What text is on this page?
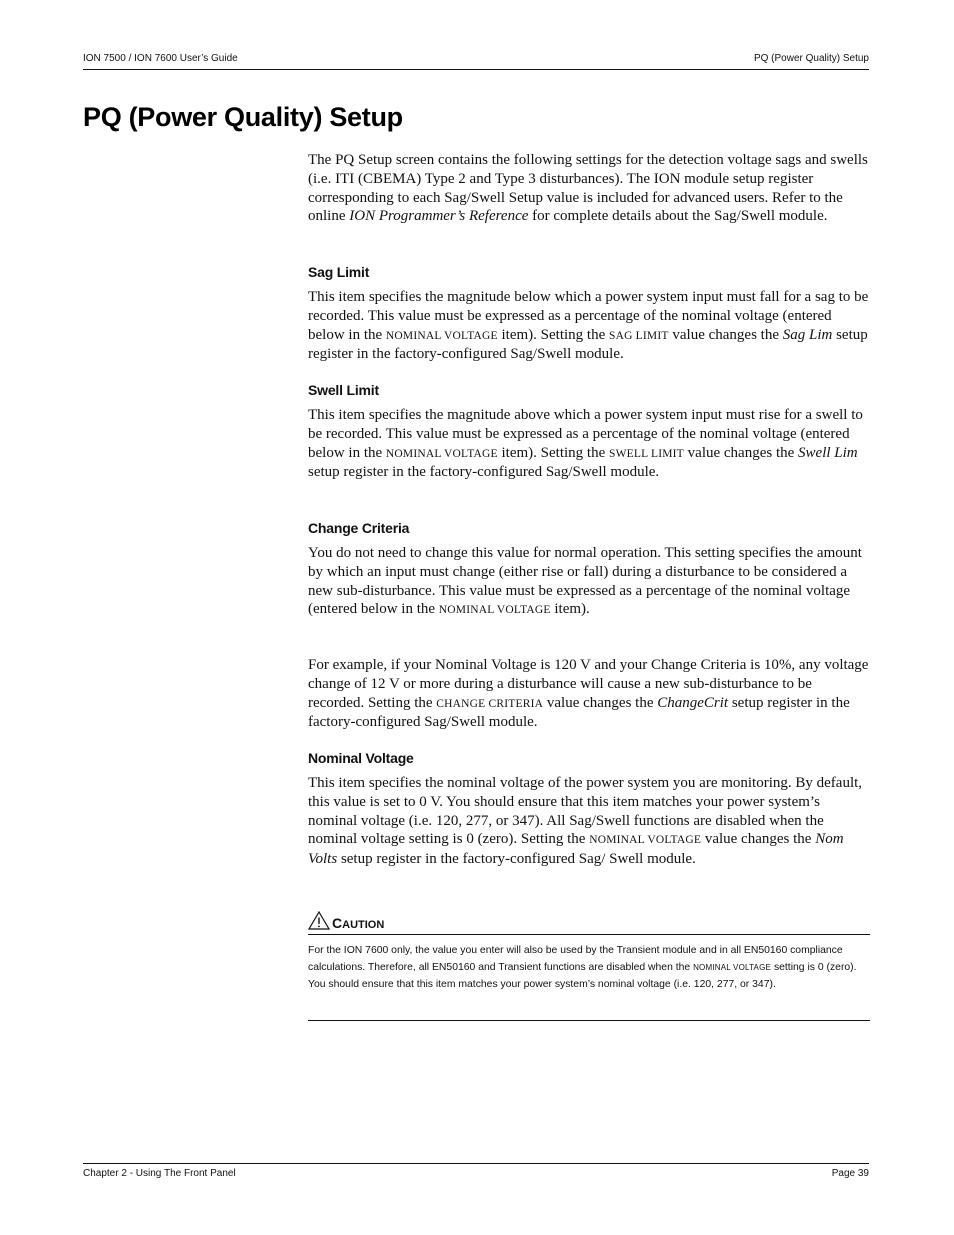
ION 7500 / ION 7600 User’s Guide	PQ (Power Quality) Setup
PQ (Power Quality) Setup

The PQ Setup screen contains the following settings for the detection voltage sags and swells (i.e. ITI (CBEMA) Type 2 and Type 3 disturbances). The ION module setup register corresponding to each Sag/Swell Setup value is included for advanced users. Refer to the online ION Programmer’s Reference for complete details about the Sag/Swell module.

Sag Limit

This item specifies the magnitude below which a power system input must fall for a sag to be recorded. This value must be expressed as a percentage of the nominal voltage (entered below in the NOMINAL VOLTAGE item). Setting the SAG LIMIT value changes the Sag Lim setup register in the factory-configured Sag/Swell module.

Swell Limit

This item specifies the magnitude above which a power system input must rise for a swell to be recorded. This value must be expressed as a percentage of the nominal voltage (entered below in the NOMINAL VOLTAGE item). Setting the SWELL LIMIT value changes the Swell Lim setup register in the factory-configured Sag/Swell module.

Change Criteria

You do not need to change this value for normal operation. This setting specifies the amount by which an input must change (either rise or fall) during a disturbance to be considered a new sub-disturbance. This value must be expressed as a percentage of the nominal voltage (entered below in the NOMINAL VOLTAGE item).

For example, if your Nominal Voltage is 120 V and your Change Criteria is 10%, any voltage change of 12 V or more during a disturbance will cause a new sub-disturbance to be recorded. Setting the CHANGE CRITERIA value changes the ChangeCrit setup register in the factory-configured Sag/Swell module.

Nominal Voltage

This item specifies the nominal voltage of the power system you are monitoring. By default, this value is set to 0 V. You should ensure that this item matches your power system’s nominal voltage (i.e. 120, 277, or 347). All Sag/Swell functions are disabled when the nominal voltage setting is 0 (zero). Setting the NOMINAL VOLTAGE value changes the Nom Volts setup register in the factory-configured Sag/ Swell module.

CAUTION

For the ION 7600 only, the value you enter will also be used by the Transient module and in all EN50160 compliance calculations. Therefore, all EN50160 and Transient functions are disabled when the NOMINAL VOLTAGE setting is 0 (zero). You should ensure that this item matches your power system’s nominal voltage (i.e. 120, 277, or 347).

Chapter 2 - Using The Front Panel	Page 39
